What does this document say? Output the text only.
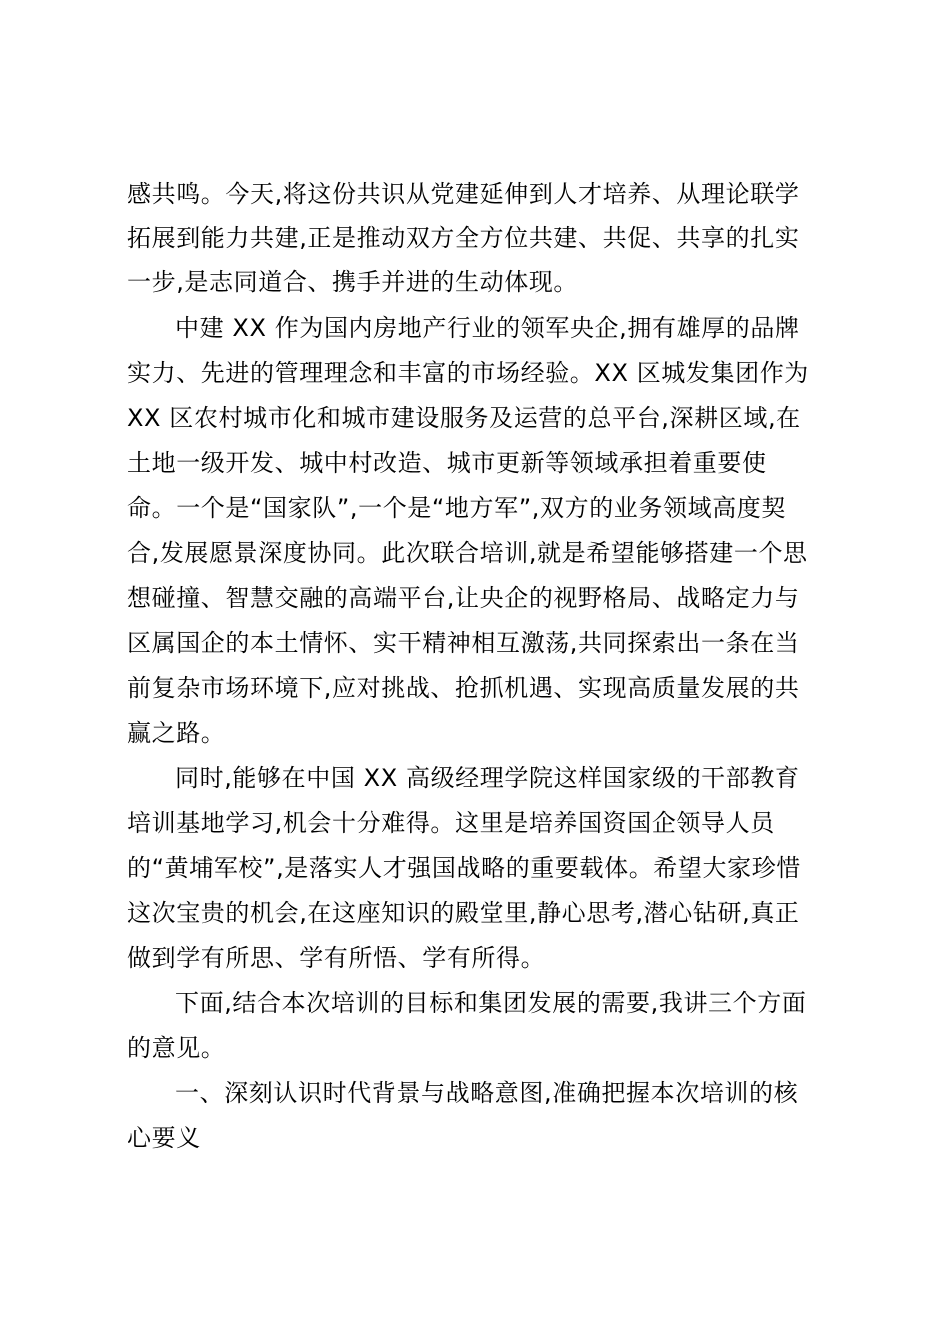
感共鸣。今天,将这份共识从党建延伸到人才培养、从理论联学
拓展到能力共建,正是推动双方全方位共建、共促、共享的扎实
一步,是志同道合、携手并进的生动体现。
中建 XX 作为国内房地产行业的领军央企,拥有雄厚的品牌
实力、先进的管理理念和丰富的市场经验。XX 区城发集团作为
XX 区农村城市化和城市建设服务及运营的总平台,深耕区域,在
土地一级开发、城中村改造、城市更新等领域承担着重要使
命。一个是“国家队”,一个是“地方军”,双方的业务领域高度契
合,发展愿景深度协同。此次联合培训,就是希望能够搭建一个思
想碰撞、智慧交融的高端平台,让央企的视野格局、战略定力与
区属国企的本土情怀、实干精神相互激荡,共同探索出一条在当
前复杂市场环境下,应对挑战、抢抓机遇、实现高质量发展的共
赢之路。
同时,能够在中国 XX 高级经理学院这样国家级的干部教育
培训基地学习,机会十分难得。这里是培养国资国企领导人员
的“黄埔军校”,是落实人才强国战略的重要载体。希望大家珍惜
这次宝贵的机会,在这座知识的殿堂里,静心思考,潜心钻研,真正
做到学有所思、学有所悟、学有所得。
下面,结合本次培训的目标和集团发展的需要,我讲三个方面
的意见。
一、深刻认识时代背景与战略意图,准确把握本次培训的核
心要义
